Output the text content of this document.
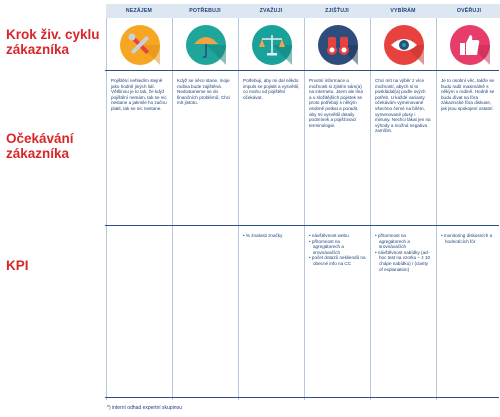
Krok živ. cyklu zákazníka
Očekávání zákazníka
KPI
NEZÁJEM
Pojištění nehledím stejně jako hodně jiných lidí. Většinou je to tak, že když pojištění nemám, tak se nic nestane a jakmile ho začnu platit, tak se nic nestane.
POTŘEBUJI
Když se něco stane, moje rodina bude zajištěná. Nedostaneme se do finančních problémů. Chci mít jistotu.
ZVAŽUJI
Potřebuji, aby mi dal někdo impuls se pojistit a vysvětlil, co mohu od pojištění očekávat.
• % znalosti značky
ZJIŠŤUJI
Prvotní informace a možnosti si zjistím sám(a) na internetu. Jsem ale líná a u složitějších pojistek se proto potřebuji s někým osobně potkat a poradit, aby mi vysvětlil detaily podmínek a pojišťovací terminologie.
• návštěvnost webu
• přítomnost na agregátorech a srovnávačích
• počet dotazů nekliendů na obecné info na CC
VYBÍRÁM
Chci mít na výběr z více možností, abych si to poskládal(a) podle svých potřeb. U každé varianty očekávám vymenované všechno čemé na bílém, vymenované plusy i minusy. Nechci lákat jen na výhody a možná negativa zamlčet.
• přítomnost na agregátorech a srovnávačích
• návštěvnost nabídky (ad-hoc test na vzorku – z 10 chápe nabídku) / (clarity of explanation)
OVĚŘUJI
Je to osobní věc, takže se budu radit maximálně s někým v rodině. Hodně se budu dívat na fóra zákaznické fóra diskuse, jak jsou spokojení ostatní.
• monitoring diskusních a hodnotících fór
*) interní odhad expertní skupinou
